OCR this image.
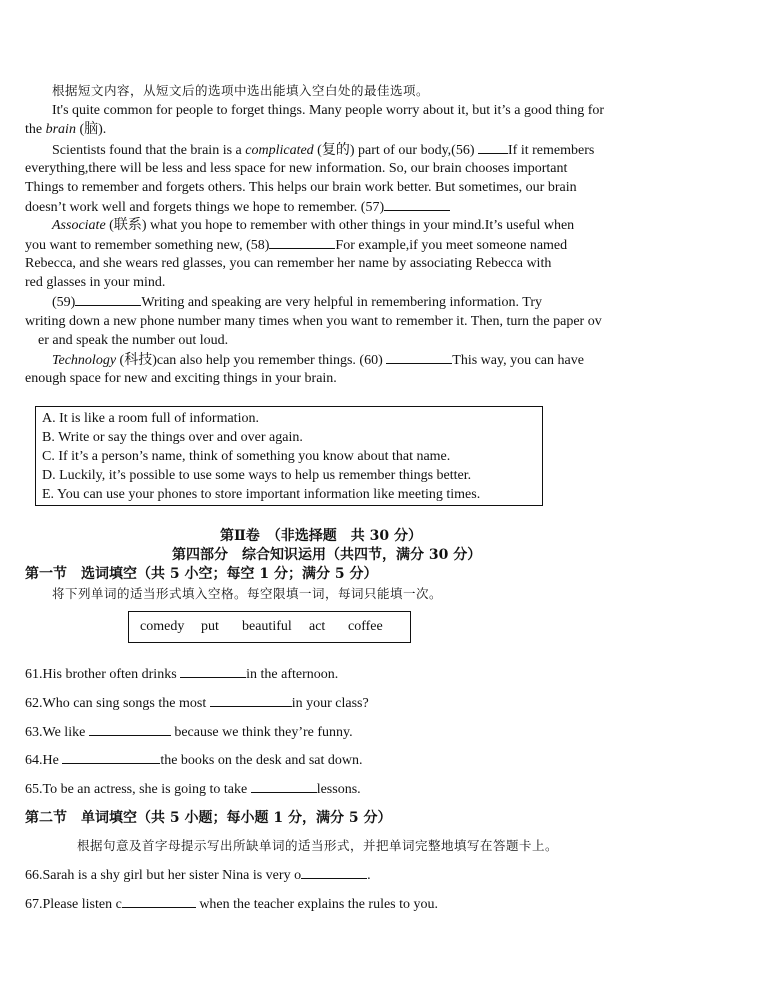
根据短文内容，从短文后的选项中选出能填入空白处的最佳选项。
It's quite common for people to forget things. Many people worry about it, but it’s a good thing for
the brain (脑).
Scientists found that the brain is a complicated (复的) part of our body,(56) If it remembers
everything,there will be less and less space for new information. So, our brain chooses important
Things to remember and forgets others. This helps our brain work better. But sometimes, our brain
doesn’t work well and forgets things we hope to remember. (57)
Associate (联系) what you hope to remember with other things in your mind.It’s useful when
you want to remember something new, (58)	For example,if you meet someone named
Rebecca, and she wears red glasses, you can remember her name by associating Rebecca with
red glasses in your mind.
(59)	Writing and speaking are very helpful in remembering information. Try
writing down a new phone number many times when you want to remember it. Then, turn the paper ov
er and speak the number out loud.
Technology (科技)can also help you remember things. (60)	This way, you can have
enough space for new and exciting things in your brain.
A. It is like a room full of information.
B. Write or say the things over and over again.
C. If it’s a person’s name, think of something you know about that name.
D. Luckily, it’s possible to use some ways to help us remember things better.
E. You can use your phones to store important information like meeting times.
第Ⅱ卷　（非选择题　共 30 分）
第四部分　综合知识运用（共四节，满分 30 分）
第一节　选词填空（共 5 小空；每空 1 分；满分 5 分）
将下列单词的适当形式填入空格。每空限填一词，每词只能填一次。
comedy put beautiful act coffee
61.His brother often drinks	in the afternoon.
62.Who can sing songs the most	in your class?
63.We like	because we think they’re funny.
64.He	the books on the desk and sat down.
65.To be an actress, she is going to take	lessons.
第二节　单词填空（共 5 小题；每小题 1 分，满分 5 分）
根据句意及首字母提示写出所缺单词的适当形式，并把单词完整地填写在答题卡上。
66.Sarah is a shy girl but her sister Nina is very o	.
67.Please listen c	when the teacher explains the rules to you.
